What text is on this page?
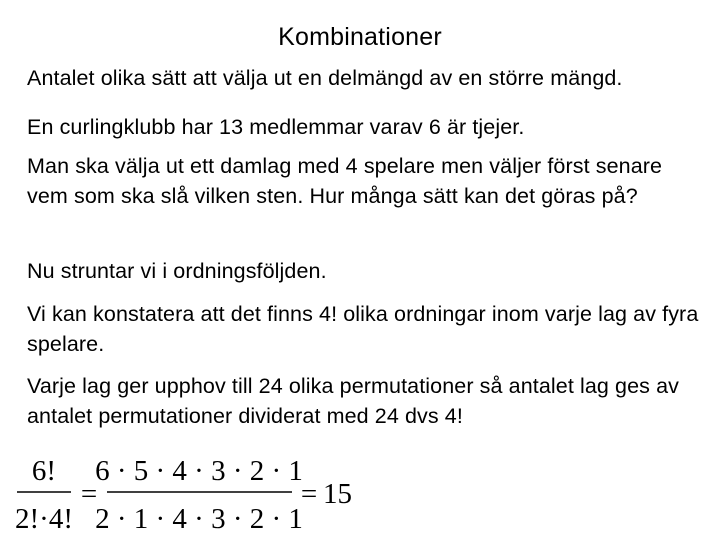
Kombinationer
Antalet olika sätt att välja ut en delmängd av en större mängd.
En curlingklubb har 13 medlemmar varav 6 är tjejer.
Man ska välja ut ett damlag med 4 spelare men väljer först senare vem som ska slå vilken sten. Hur många sätt kan det göras på?
Nu struntar vi i ordningsföljden.
Vi kan konstatera att det finns 4! olika ordningar inom varje lag av fyra spelare.
Varje lag ger upphov till 24 olika permutationer så antalet lag ges av antalet permutationer dividerat med 24 dvs 4!
6!
2!·4!
=
6 · 5 · 4 · 3 · 2 · 1
2 · 1 · 4 · 3 · 2 · 1
= 15
